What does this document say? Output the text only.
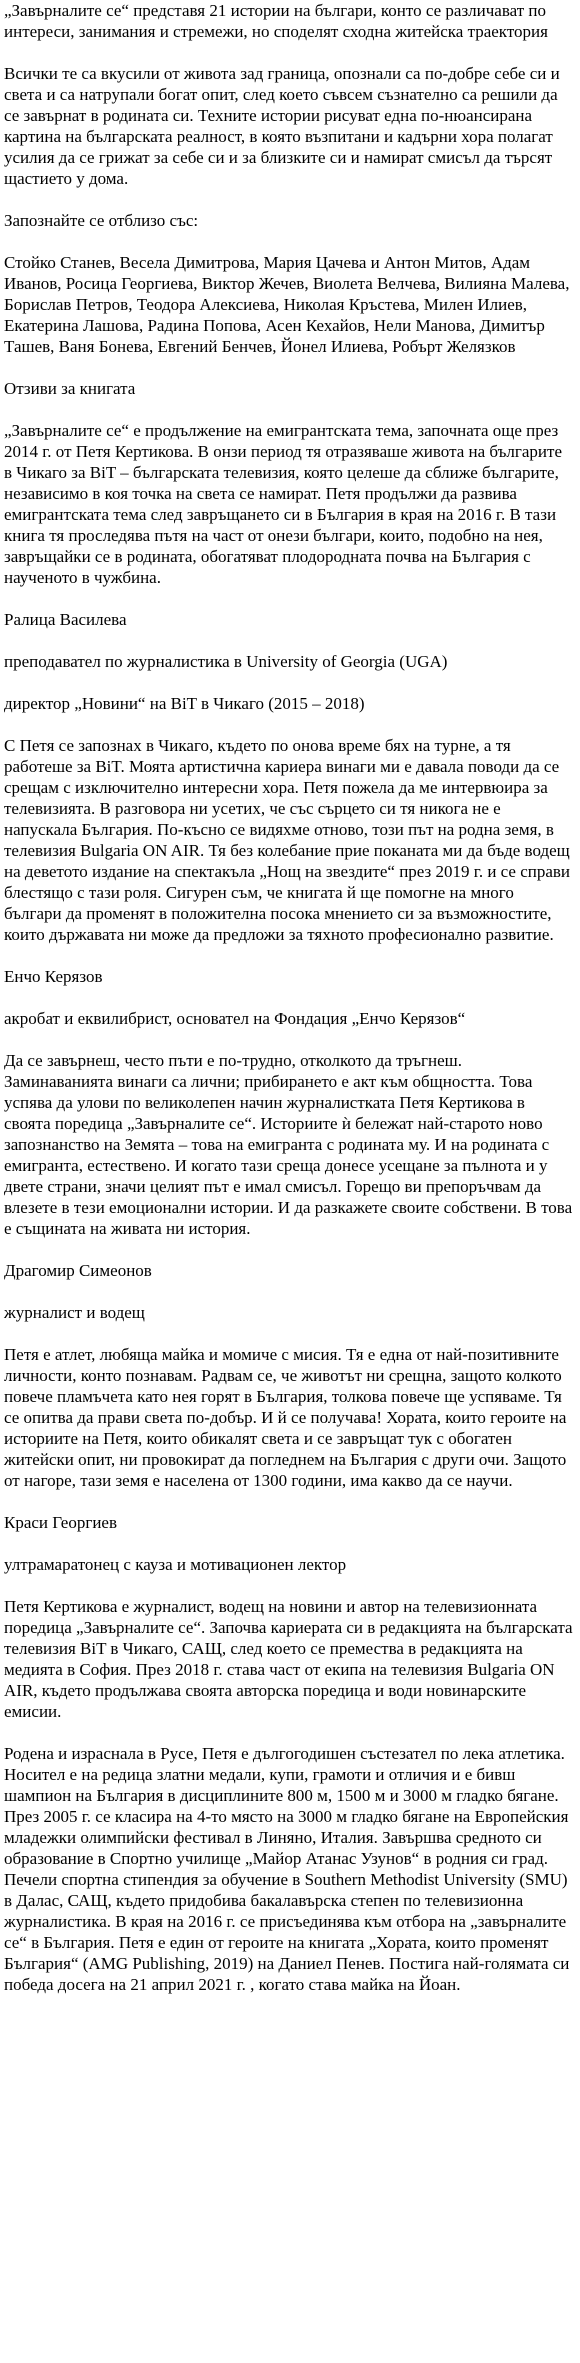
„Завърналите се“ представя 21 истории на българи, конто се различават по интереси, занимания и стремежи, но споделят сходна житейска траектория

Всички те са вкусили от живота зад граница, опознали са по-добре себе си и света и са натрупали богат опит, след което съвсем съзнателно са решили да се завърнат в родината си. Техните истории рисуват една по-нюансирана картина на българската реалност, в която възпитани и кадърни хора полагат усилия да се грижат за себе си и за близките си и намират смисъл да търсят щастието у дома.

Запознайте се отблизо със:

Стойко Станев, Весела Димитрова, Мария Цачева и Антон Митов, Адам Иванов, Росица Георгиева, Виктор Жечев, Виолета Велчева, Вилияна Малева, Борислав Петров, Теодора Алексиева, Николая Кръстева, Милен Илиев, Екатерина Лашова, Радина Попова, Асен Кехайов, Нели Манова, Димитър Ташев, Ваня Бонева, Евгений Бенчев, Йонел Илиева, Робърт Желязков

Отзиви за книгата

„Завърналите се“ е продължение на емигрантската тема, започната още през 2014 г. от Петя Кертикова. В онзи период тя отразяваше живота на българите в Чикаго за BiT – българската телевизия, която целеше да сближе българите, независимо в коя точка на света се намират. Петя продължи да развива емигрантската тема след завръщането си в България в края на 2016 г. В тази книга тя проследява пътя на част от онези българи, които, подобно на нея, завръщайки се в родината, обогатяват плодородната почва на България с наученото в чужбина.

Ралица Василева

преподавател по журналистика в University of Georgia (UGA)

директор „Новини“ на BiT в Чикаго (2015 – 2018)

С Петя се запознах в Чикаго, където по онова време бях на турне, а тя работеше за BiT. Моята артистична кариера винаги ми е давала поводи да се срещам с изключително интересни хора. Петя пожела да ме интервюира за телевизията. В разговора ни усетих, че със сърцето си тя никога не е напускала България. По-късно се видяхме отново, този път на родна земя, в телевизия Bulgaria ON AIR. Тя без колебание прие поканата ми да бъде водещ на деветото издание на спектакъла „Нощ на звездите“ през 2019 г. и се справи блестящо с тази роля. Сигурен съм, че книгата й ще помогне на много българи да променят в положителна посока мнението си за възможностите, които държавата ни може да предложи за тяхното професионално развитие.

Енчо Керязов

акробат и еквилибрист, основател на Фондация „Енчо Керязов“

Да се завърнеш, често пъти е по-трудно, отколкото да тръгнеш. Заминаванията винаги са лични; прибирането е акт към общността. Това успява да улови по великолепен начин журналистката Петя Кертикова в своята поредица „Завърналите се“. Историите ѝ бележат най-старото ново запознанство на Земята – това на емигранта с родината му. И на родината с емигранта, естествено. И когато тази среща донесе усещане за пълнота и у двете страни, значи целият път е имал смисъл. Горещо ви препоръчвам да влезете в тези емоционални истории. И да разкажете своите собствени. В това е същината на живата ни история.

Драгомир Симеонов

журналист и водещ

Петя е атлет, любяща майка и момиче с мисия. Тя е една от най-позитивните личности, конто познавам. Радвам се, че животът ни срещна, защото колкото повече пламъчета като нея горят в България, толкова повече ще успяваме. Тя се опитва да прави света по-добър. И й се получава! Хората, които героите на историите на Петя, които обикалят света и се завръщат тук с обогатен житейски опит, ни провокират да погледнем на България с други очи. Защото от нагоре, тази земя е населена от 1300 години, има какво да се научи.

Краси Георгиев

ултрамаратонец с кауза и мотивационен лектор

Петя Кертикова е журналист, водещ на новини и автор на телевизионната поредица „Завърналите се“. Започва кариерата си в редакцията на българската телевизия BiT в Чикаго, САЩ, след което се премества в редакцията на медията в София. През 2018 г. става част от екипа на телевизия Bulgaria ON AIR, където продължава своята авторска поредица и води новинарските емисии.

Родена и израснала в Русе, Петя е дългогодишен състезател по лека атлетика. Носител е на редица златни медали, купи, грамоти и отличия и е бивш шампион на България в дисциплините 800 м, 1500 м и 3000 м гладко бягане. През 2005 г. се класира на 4-то място на 3000 м гладко бягане на Европейския младежки олимпийски фестивал в Линяно, Италия. Завършва средното си образование в Спортно училище „Майор Атанас Узунов“ в родния си град. Печели спортна стипендия за обучение в Southern Methodist University (SMU) в Далас, САЩ, където придобива бакалавърска степен по телевизионна журналистика. В края на 2016 г. се присъединява към отбора на „завърналите се“ в България. Петя е един от героите на книгата „Хората, които променят България“ (AMG Publishing, 2019) на Даниел Пенев. Постига най-голямата си победа досега на 21 април 2021 г. , когато става майка на Йоан.
